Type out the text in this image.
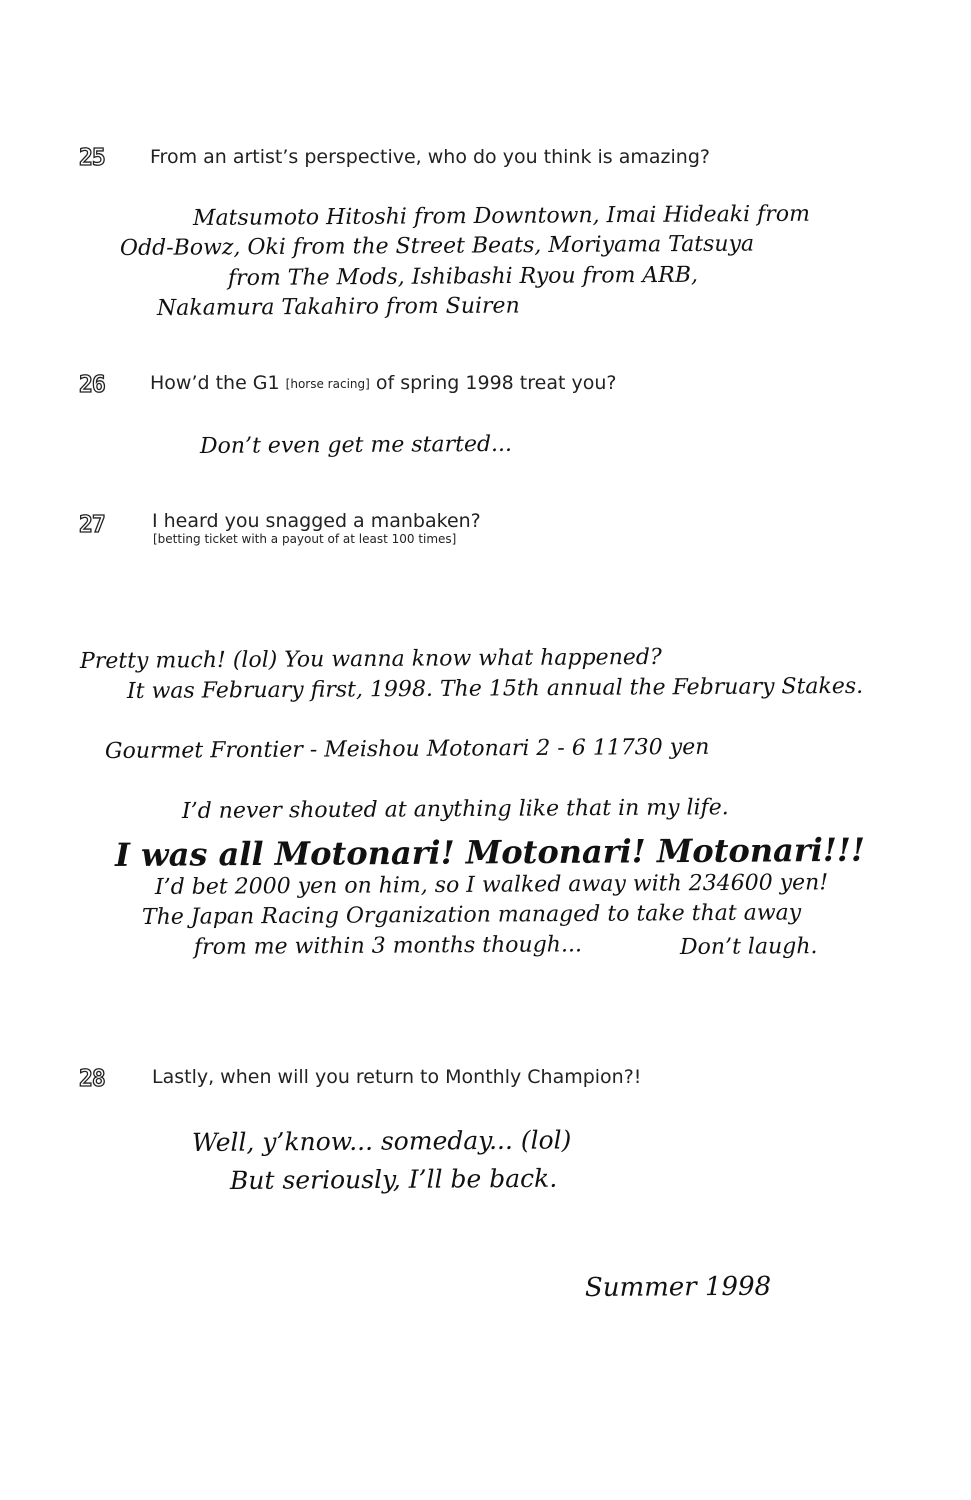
25 From an artist’s perspective, who do you think is amazing?
Matsumoto Hitoshi from Downtown, Imai Hideaki from
Odd-Bowz, Oki from the Street Beats, Moriyama Tatsuya
from The Mods, Ishibashi Ryou from ARB,
Nakamura Takahiro from Suiren
26 How’d the G1 [horse racing] of spring 1998 treat you?
Don’t even get me started...
27 I heard you snagged a manbaken?
[betting ticket with a payout of at least 100 times]
Pretty much! (lol) You wanna know what happened?
It was February first, 1998. The 15th annual the February Stakes.
Gourmet Frontier - Meishou Motonari 2 - 6 11730 yen
I’d never shouted at anything like that in my life.
I was all Motonari! Motonari! Motonari!!!
I’d bet 2000 yen on him, so I walked away with 234600 yen!
The Japan Racing Organization managed to take that away
from me within 3 months though...	Don’t laugh.
28 Lastly, when will you return to Monthly Champion?!
Well, y’know... someday... (lol)
But seriously, I’ll be back.
Summer 1998
